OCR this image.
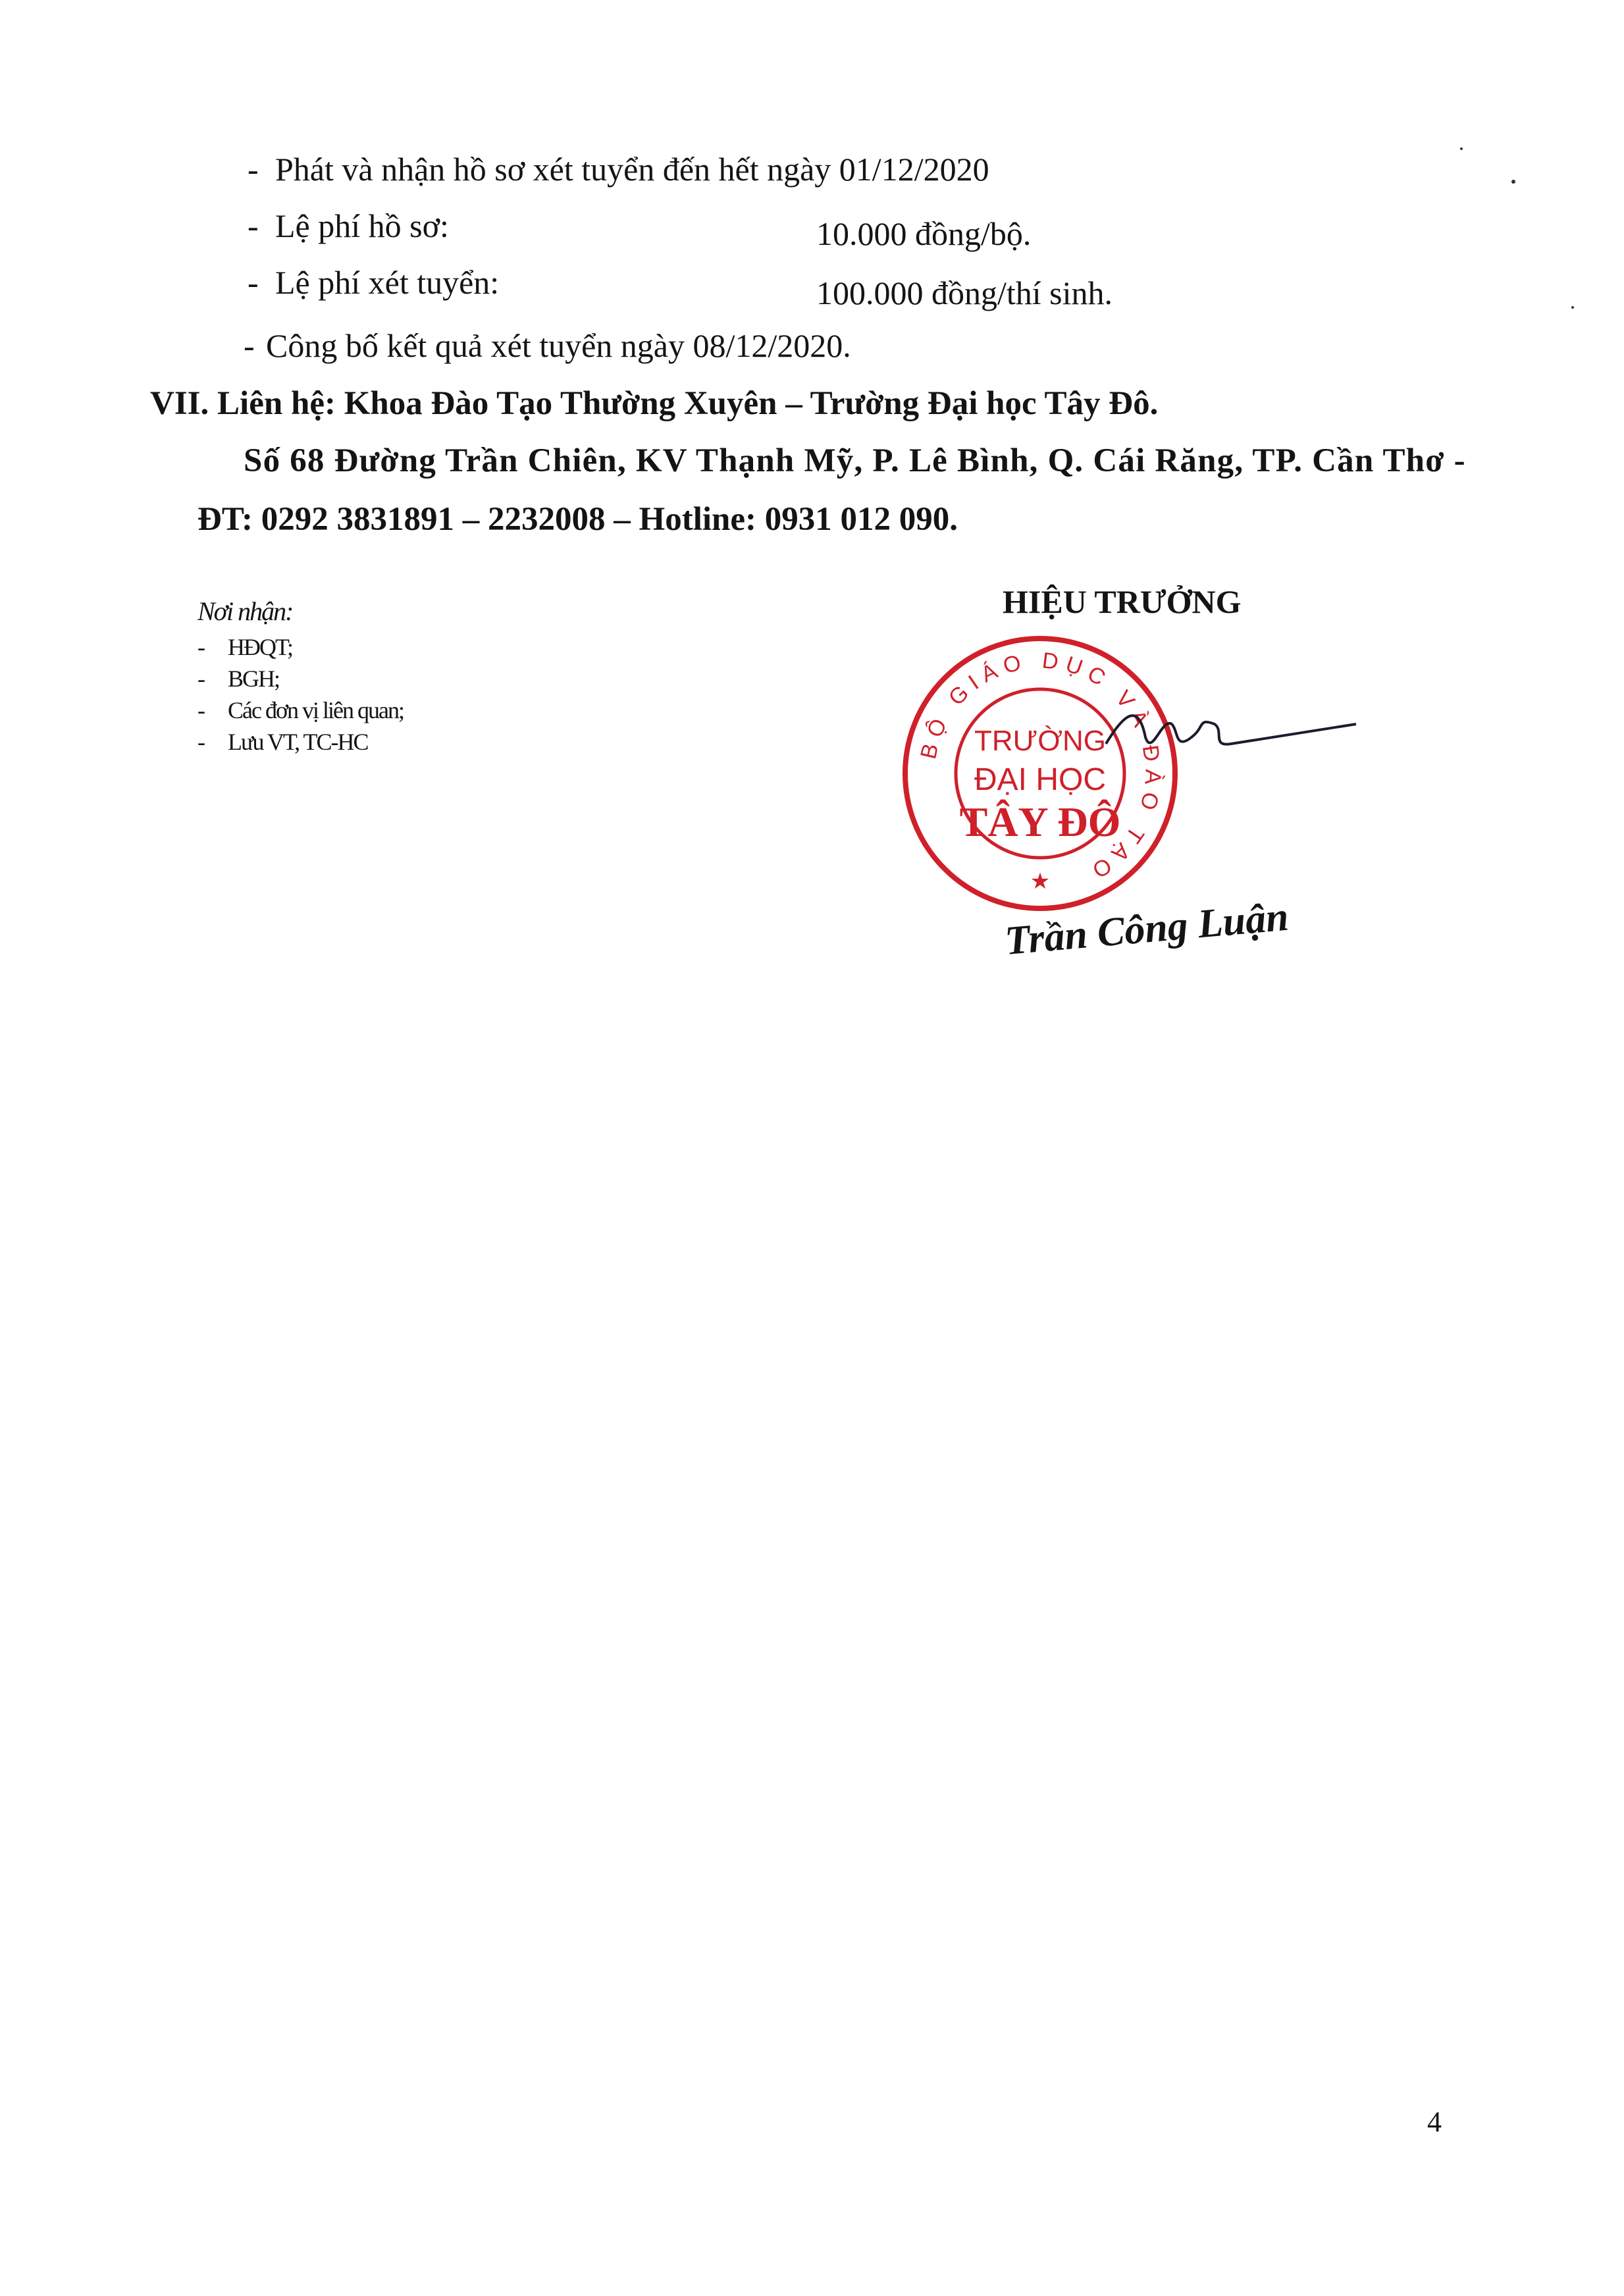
- Phát và nhận hồ sơ xét tuyển đến hết ngày 01/12/2020
- Lệ phí hồ sơ:	10.000 đồng/bộ.
- Lệ phí xét tuyển:	100.000 đồng/thí sinh.
- Công bố kết quả xét tuyển ngày 08/12/2020.
VII. Liên hệ: Khoa Đào Tạo Thường Xuyên – Trường Đại học Tây Đô.
Số 68 Đường Trần Chiên, KV Thạnh Mỹ, P. Lê Bình, Q. Cái Răng, TP. Cần Thơ -
ĐT: 0292 3831891 – 2232008 – Hotline: 0931 012 090.
Nơi nhận:
- HĐQT;
- BGH;
- Các đơn vị liên quan;
- Lưu VT, TC-HC
HIỆU TRƯỞNG
BỘ GIÁO DỤC VÀ ĐÀO TẠO
TRƯỜNG
ĐẠI HỌC
TÂY ĐÔ
★
Trần Công Luận
4
